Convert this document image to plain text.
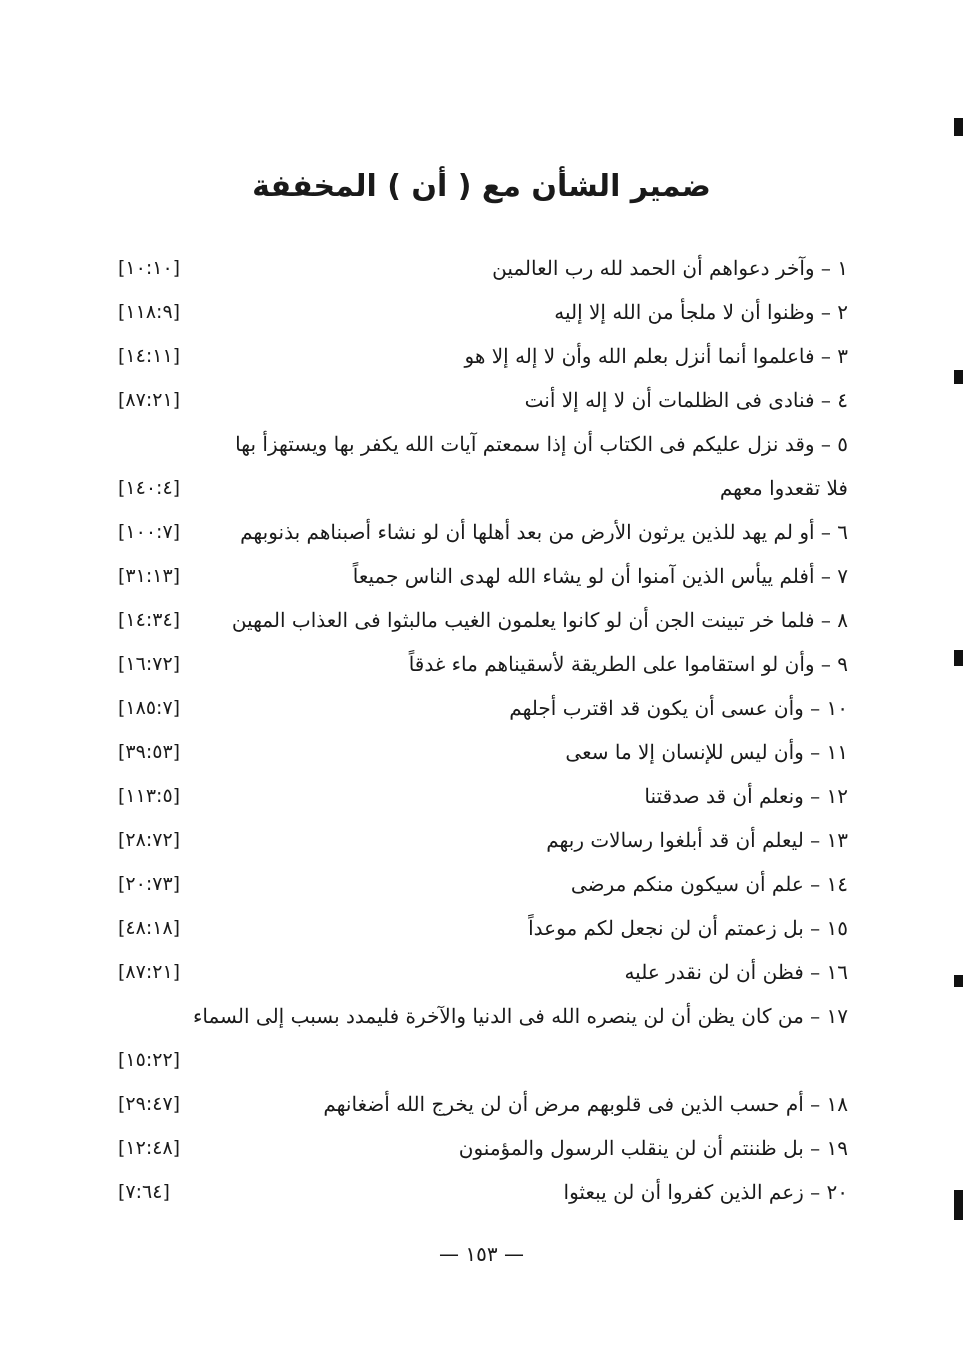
ضمير الشأن مع ( أن ) المخففة
١ – وآخر دعواهم أن الحمد لله رب العالمين
[١٠:١٠]
٢ – وظنوا أن لا ملجأ من الله إلا إليه
[١١٨:٩]
٣ – فاعلموا أنما أنزل بعلم الله وأن لا إله إلا هو
[١٤:١١]
٤ – فنادى فى الظلمات أن لا إله إلا أنت
[٨٧:٢١]
٥ – وقد نزل عليكم فى الكتاب أن إذا سمعتم آيات الله يكفر بها ويستهزأ بها
فلا تقعدوا معهم
[١٤٠:٤]
٦ – أو لم يهد للذين يرثون الأرض من بعد أهلها أن لو نشاء أصبناهم بذنوبهم
[١٠٠:٧]
٧ – أفلم ييأس الذين آمنوا أن لو يشاء الله لهدى الناس جميعاً
[٣١:١٣]
٨ – فلما خر تبينت الجن أن لو كانوا يعلمون الغيب مالبثوا فى العذاب المهين
[١٤:٣٤]
٩ – وأن لو استقاموا على الطريقة لأسقيناهم ماء غدقاً
[١٦:٧٢]
١٠ – وأن عسى أن يكون قد اقترب أجلهم
[١٨٥:٧]
١١ – وأن ليس للإنسان إلا ما سعى
[٣٩:٥٣]
١٢ – ونعلم أن قد صدقتنا
[١١٣:٥]
١٣ – ليعلم أن قد أبلغوا رسالات ربهم
[٢٨:٧٢]
١٤ – علم أن سيكون منكم مرضى
[٢٠:٧٣]
١٥ – بل زعمتم أن لن نجعل لكم موعداً
[٤٨:١٨]
١٦ – فظن أن لن نقدر عليه
[٨٧:٢١]
١٧ – من كان يظن أن لن ينصره الله فى الدنيا والآخرة فليمدد بسبب إلى السماء
[١٥:٢٢]
١٨ – أم حسب الذين فى قلوبهم مرض أن لن يخرج الله أضغانهم
[٢٩:٤٧]
١٩ – بل ظننتم أن لن ينقلب الرسول والمؤمنون
[١٢:٤٨]
٢٠ – زعم الذين كفروا أن لن يبعثوا
[٧:٦٤]
— ١٥٣ —
